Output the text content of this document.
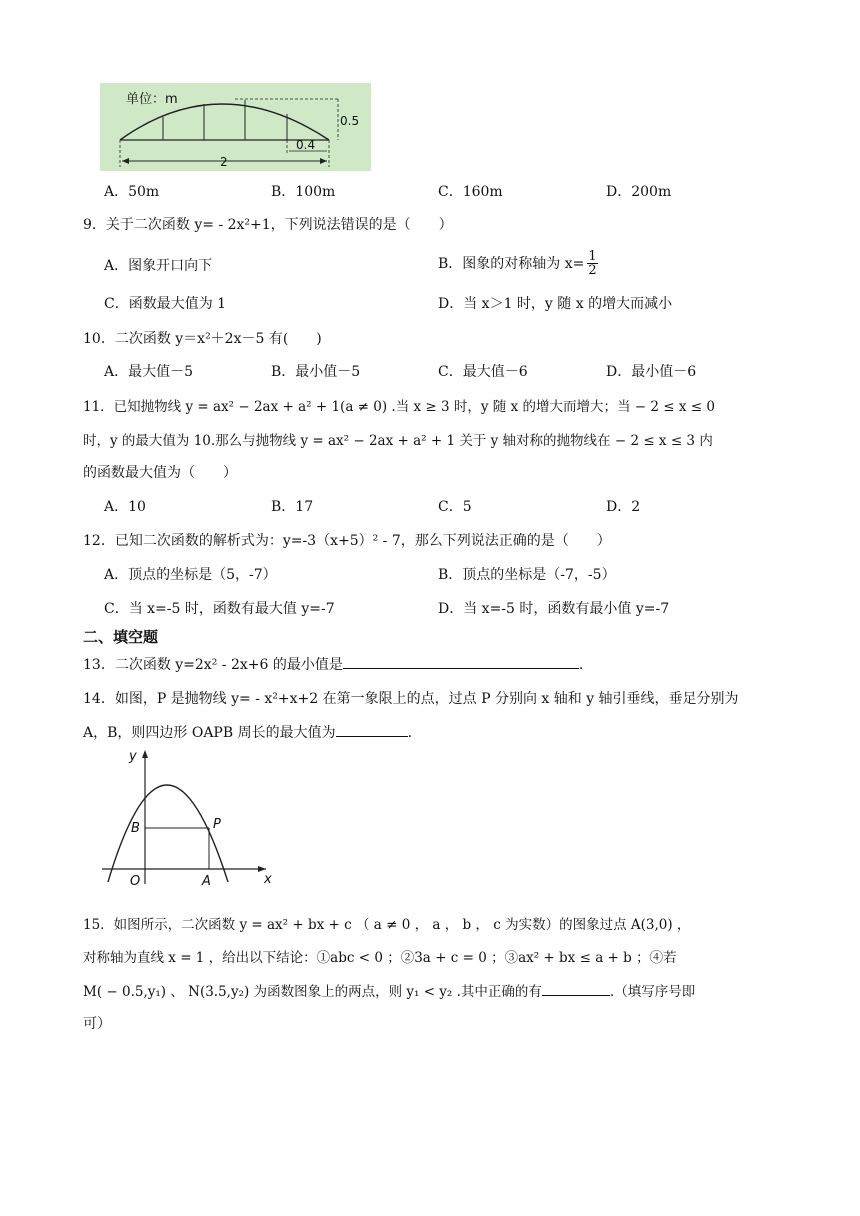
单位：m
0.5
0.4
2
A．50m	B．100m	C．160m	D．200m
9．关于二次函数 y= - 2x²+1，下列说法错误的是（　　）
A．图象开口向下	B．图象的对称轴为 $x= \frac{1}{2}$
C．函数最大值为 1	D．当 x＞1 时，y 随 x 的增大而减小
10．二次函数 y＝x²＋2x－5 有(　　)
A．最大值－5	B．最小值－5	C．最大值－6	D．最小值－6
11．已知抛物线 y = ax² − 2ax + a² + 1(a ≠ 0) .当 x ≥ 3 时，y 随 x 的增大而增大；当 − 2 ≤ x ≤ 0
时，y 的最大值为 10.那么与抛物线 y = ax² − 2ax + a² + 1 关于 y 轴对称的抛物线在 − 2 ≤ x ≤ 3 内
的函数最大值为（　　）
A．10	B．17	C．5	D．2
12．已知二次函数的解析式为：y=-3（x+5）² - 7，那么下列说法正确的是（　　）
A．顶点的坐标是（5，-7）	B．顶点的坐标是（-7，-5）
C．当 x=-5 时，函数有最大值 y=-7	D．当 x=-5 时，函数有最小值 y=-7
二、填空题
13．二次函数 y=2x² - 2x+6 的最小值是	.
14．如图，P 是抛物线 y= - x²+x+2 在第一象限上的点，过点 P 分别向 x 轴和 y 轴引垂线，垂足分别为
A，B，则四边形 OAPB 周长的最大值为	.
y
x
O	A
B	P
15．如图所示，二次函数 y = ax² + bx + c （ a ≠ 0 ， a ， b ， c 为实数）的图象过点 A(3,0) ，
对称轴为直线 x = 1 ，给出以下结论：①abc < 0 ；②3a + c = 0 ；③ax² + bx ≤ a + b ；④若
M( − 0.5,y₁) 、 N(3.5,y₂) 为函数图象上的两点，则 y₁ < y₂ .其中正确的有	.（填写序号即
可）
